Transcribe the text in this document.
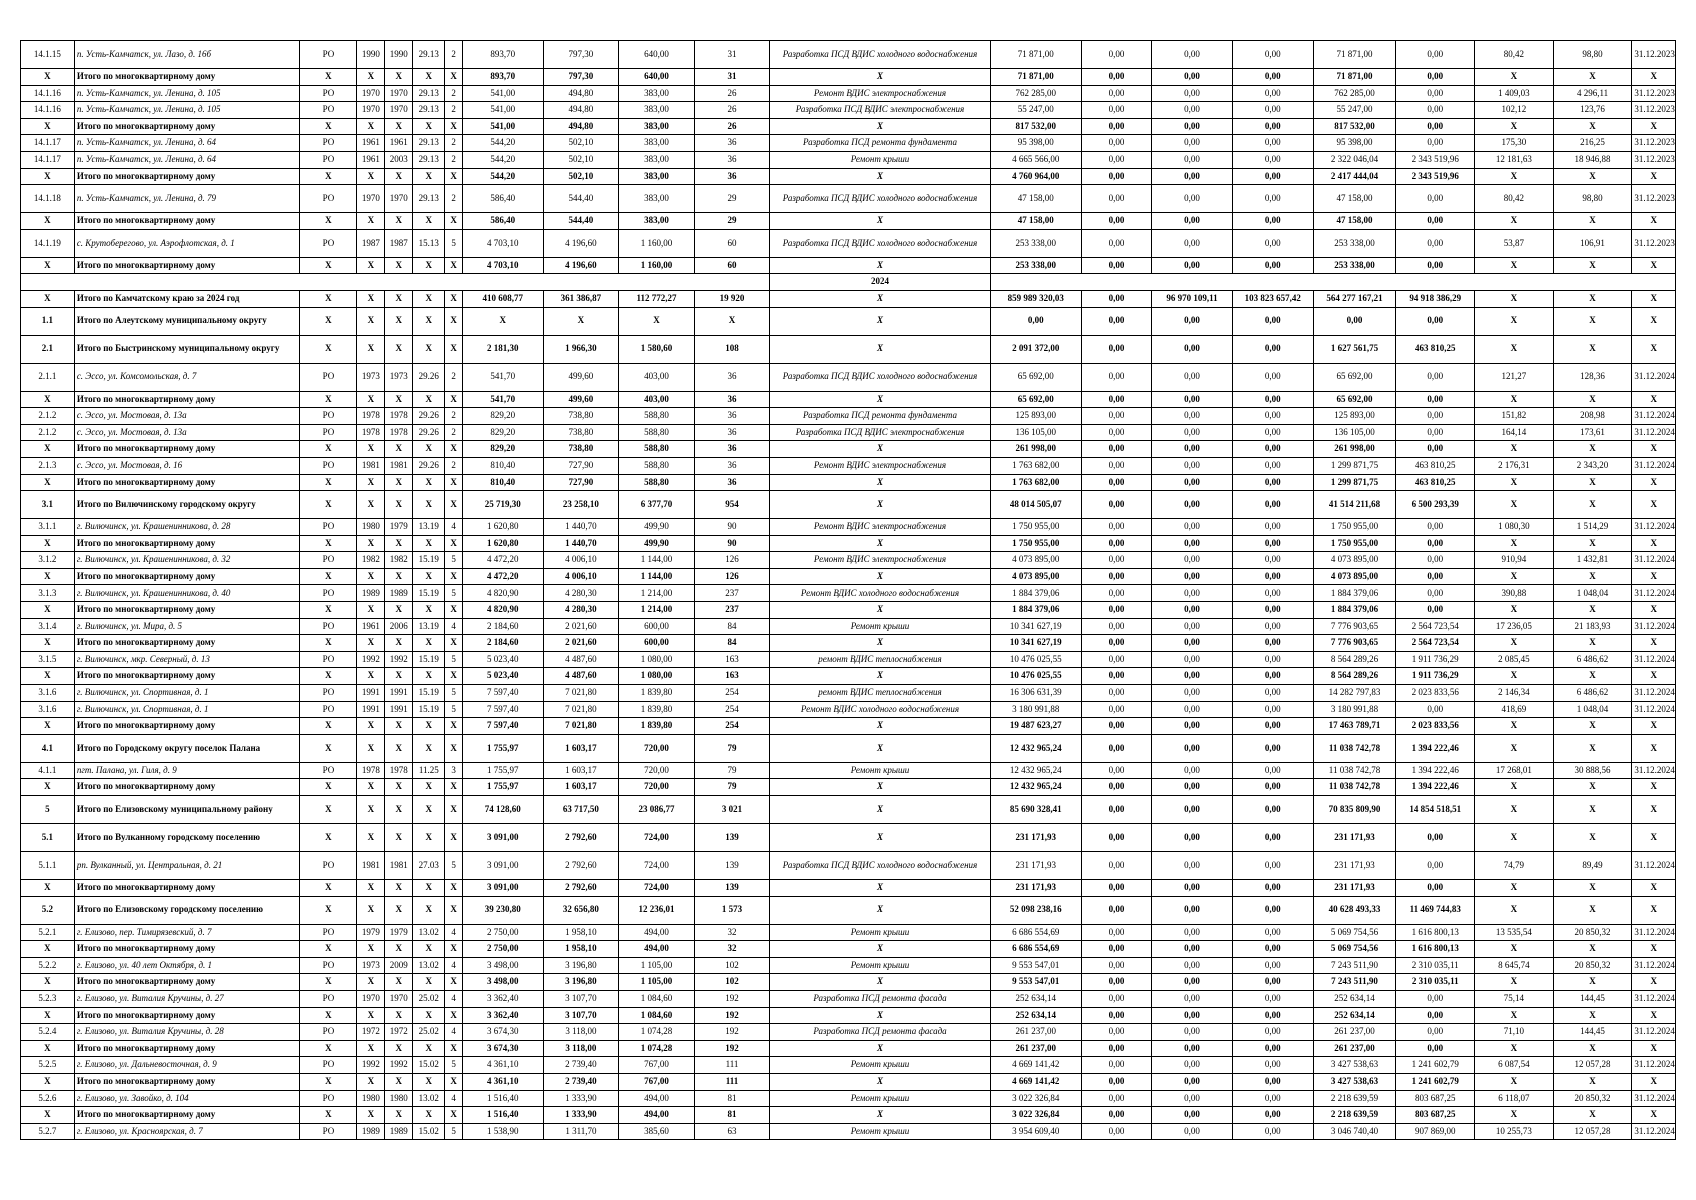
14.1.15	п. Усть-Камчатск, ул. Лазо, д. 16б	РО	1990	1990	29.13	2	893,70	797,30	640,00	31	Разработка ПСД ВДИС холодного водоснабжения	71 871,00	0,00	0,00	0,00	71 871,00	0,00	80,42	98,80	31.12.2023
Х	Итого по многоквартирному дому	Х	Х	Х	Х	Х	893,70	797,30	640,00	31	Х	71 871,00	0,00	0,00	0,00	71 871,00	0,00	Х	Х	Х
14.1.16	п. Усть-Камчатск, ул. Ленина, д. 105	РО	1970	1970	29.13	2	541,00	494,80	383,00	26	Ремонт ВДИС электроснабжения	762 285,00	0,00	0,00	0,00	762 285,00	0,00	1 409,03	4 296,11	31.12.2023
14.1.16	п. Усть-Камчатск, ул. Ленина, д. 105	РО	1970	1970	29.13	2	541,00	494,80	383,00	26	Разработка ПСД ВДИС электроснабжения	55 247,00	0,00	0,00	0,00	55 247,00	0,00	102,12	123,76	31.12.2023
Х	Итого по многоквартирному дому	Х	Х	Х	Х	Х	541,00	494,80	383,00	26	Х	817 532,00	0,00	0,00	0,00	817 532,00	0,00	Х	Х	Х
14.1.17	п. Усть-Камчатск, ул. Ленина, д. 64	РО	1961	1961	29.13	2	544,20	502,10	383,00	36	Разработка ПСД ремонта фундамента	95 398,00	0,00	0,00	0,00	95 398,00	0,00	175,30	216,25	31.12.2023
14.1.17	п. Усть-Камчатск, ул. Ленина, д. 64	РО	1961	2003	29.13	2	544,20	502,10	383,00	36	Ремонт крыши	4 665 566,00	0,00	0,00	0,00	2 322 046,04	2 343 519,96	12 181,63	18 946,88	31.12.2023
Х	Итого по многоквартирному дому	Х	Х	Х	Х	Х	544,20	502,10	383,00	36	Х	4 760 964,00	0,00	0,00	0,00	2 417 444,04	2 343 519,96	Х	Х	Х
14.1.18	п. Усть-Камчатск, ул. Ленина, д. 79	РО	1970	1970	29.13	2	586,40	544,40	383,00	29	Разработка ПСД ВДИС холодного водоснабжения	47 158,00	0,00	0,00	0,00	47 158,00	0,00	80,42	98,80	31.12.2023
Х	Итого по многоквартирному дому	Х	Х	Х	Х	Х	586,40	544,40	383,00	29	Х	47 158,00	0,00	0,00	0,00	47 158,00	0,00	Х	Х	Х
14.1.19	с. Крутоберегово, ул. Аэрофлотская, д. 1	РО	1987	1987	15.13	5	4 703,10	4 196,60	1 160,00	60	Разработка ПСД ВДИС холодного водоснабжения	253 338,00	0,00	0,00	0,00	253 338,00	0,00	53,87	106,91	31.12.2023
Х	Итого по многоквартирному дому	Х	Х	Х	Х	Х	4 703,10	4 196,60	1 160,00	60	Х	253 338,00	0,00	0,00	0,00	253 338,00	0,00	Х	Х	Х
											2024									
Х	Итого по Камчатскому краю за 2024 год	Х	Х	Х	Х	Х	410 608,77	361 386,87	112 772,27	19 920	Х	859 989 320,03	0,00	96 970 109,11	103 823 657,42	564 277 167,21	94 918 386,29	Х	Х	Х
1.1	Итого по Алеутскому муниципальному округу	Х	Х	Х	Х	Х	Х	Х	Х	Х	Х	0,00	0,00	0,00	0,00	0,00	0,00	Х	Х	Х
2.1	Итого по Быстринскому муниципальному округу	Х	Х	Х	Х	Х	2 181,30	1 966,30	1 580,60	108	Х	2 091 372,00	0,00	0,00	0,00	1 627 561,75	463 810,25	Х	Х	Х
2.1.1	с. Эссо, ул. Комсомольская, д. 7	РО	1973	1973	29.26	2	541,70	499,60	403,00	36	Разработка ПСД ВДИС холодного водоснабжения	65 692,00	0,00	0,00	0,00	65 692,00	0,00	121,27	128,36	31.12.2024
Х	Итого по многоквартирному дому	Х	Х	Х	Х	Х	541,70	499,60	403,00	36	Х	65 692,00	0,00	0,00	0,00	65 692,00	0,00	Х	Х	Х
2.1.2	с. Эссо, ул. Мостовая, д. 13а	РО	1978	1978	29.26	2	829,20	738,80	588,80	36	Разработка ПСД ремонта фундамента	125 893,00	0,00	0,00	0,00	125 893,00	0,00	151,82	208,98	31.12.2024
2.1.2	с. Эссо, ул. Мостовая, д. 13а	РО	1978	1978	29.26	2	829,20	738,80	588,80	36	Разработка ПСД ВДИС электроснабжения	136 105,00	0,00	0,00	0,00	136 105,00	0,00	164,14	173,61	31.12.2024
Х	Итого по многоквартирному дому	Х	Х	Х	Х	Х	829,20	738,80	588,80	36	Х	261 998,00	0,00	0,00	0,00	261 998,00	0,00	Х	Х	Х
2.1.3	с. Эссо, ул. Мостовая, д. 16	РО	1981	1981	29.26	2	810,40	727,90	588,80	36	Ремонт ВДИС электроснабжения	1 763 682,00	0,00	0,00	0,00	1 299 871,75	463 810,25	2 176,31	2 343,20	31.12.2024
Х	Итого по многоквартирному дому	Х	Х	Х	Х	Х	810,40	727,90	588,80	36	Х	1 763 682,00	0,00	0,00	0,00	1 299 871,75	463 810,25	Х	Х	Х
3.1	Итого по Вилючинскому городскому округу	Х	Х	Х	Х	Х	25 719,30	23 258,10	6 377,70	954	Х	48 014 505,07	0,00	0,00	0,00	41 514 211,68	6 500 293,39	Х	Х	Х
3.1.1	г. Вилючинск, ул. Крашенинникова, д. 28	РО	1980	1979	13.19	4	1 620,80	1 440,70	499,90	90	Ремонт ВДИС электроснабжения	1 750 955,00	0,00	0,00	0,00	1 750 955,00	0,00	1 080,30	1 514,29	31.12.2024
Х	Итого по многоквартирному дому	Х	Х	Х	Х	Х	1 620,80	1 440,70	499,90	90	Х	1 750 955,00	0,00	0,00	0,00	1 750 955,00	0,00	Х	Х	Х
3.1.2	г. Вилючинск, ул. Крашенинникова, д. 32	РО	1982	1982	15.19	5	4 472,20	4 006,10	1 144,00	126	Ремонт ВДИС электроснабжения	4 073 895,00	0,00	0,00	0,00	4 073 895,00	0,00	910,94	1 432,81	31.12.2024
Х	Итого по многоквартирному дому	Х	Х	Х	Х	Х	4 472,20	4 006,10	1 144,00	126	Х	4 073 895,00	0,00	0,00	0,00	4 073 895,00	0,00	Х	Х	Х
3.1.3	г. Вилючинск, ул. Крашенинникова, д. 40	РО	1989	1989	15.19	5	4 820,90	4 280,30	1 214,00	237	Ремонт ВДИС холодного водоснабжения	1 884 379,06	0,00	0,00	0,00	1 884 379,06	0,00	390,88	1 048,04	31.12.2024
Х	Итого по многоквартирному дому	Х	Х	Х	Х	Х	4 820,90	4 280,30	1 214,00	237	Х	1 884 379,06	0,00	0,00	0,00	1 884 379,06	0,00	Х	Х	Х
3.1.4	г. Вилючинск, ул. Мира, д. 5	РО	1961	2006	13.19	4	2 184,60	2 021,60	600,00	84	Ремонт крыши	10 341 627,19	0,00	0,00	0,00	7 776 903,65	2 564 723,54	17 236,05	21 183,93	31.12.2024
Х	Итого по многоквартирному дому	Х	Х	Х	Х	Х	2 184,60	2 021,60	600,00	84	Х	10 341 627,19	0,00	0,00	0,00	7 776 903,65	2 564 723,54	Х	Х	Х
3.1.5	г. Вилючинск, мкр. Северный, д. 13	РО	1992	1992	15.19	5	5 023,40	4 487,60	1 080,00	163	ремонт ВДИС теплоснабжения	10 476 025,55	0,00	0,00	0,00	8 564 289,26	1 911 736,29	2 085,45	6 486,62	31.12.2024
Х	Итого по многоквартирному дому	Х	Х	Х	Х	Х	5 023,40	4 487,60	1 080,00	163	Х	10 476 025,55	0,00	0,00	0,00	8 564 289,26	1 911 736,29	Х	Х	Х
3.1.6	г. Вилючинск, ул. Спортивная, д. 1	РО	1991	1991	15.19	5	7 597,40	7 021,80	1 839,80	254	ремонт ВДИС теплоснабжения	16 306 631,39	0,00	0,00	0,00	14 282 797,83	2 023 833,56	2 146,34	6 486,62	31.12.2024
3.1.6	г. Вилючинск, ул. Спортивная, д. 1	РО	1991	1991	15.19	5	7 597,40	7 021,80	1 839,80	254	Ремонт ВДИС холодного водоснабжения	3 180 991,88	0,00	0,00	0,00	3 180 991,88	0,00	418,69	1 048,04	31.12.2024
Х	Итого по многоквартирному дому	Х	Х	Х	Х	Х	7 597,40	7 021,80	1 839,80	254	Х	19 487 623,27	0,00	0,00	0,00	17 463 789,71	2 023 833,56	Х	Х	Х
4.1	Итого по Городскому округу поселок Палана	Х	Х	Х	Х	Х	1 755,97	1 603,17	720,00	79	Х	12 432 965,24	0,00	0,00	0,00	11 038 742,78	1 394 222,46	Х	Х	Х
4.1.1	пгт. Палана, ул. Гиля, д. 9	РО	1978	1978	11.25	3	1 755,97	1 603,17	720,00	79	Ремонт крыши	12 432 965,24	0,00	0,00	0,00	11 038 742,78	1 394 222,46	17 268,01	30 888,56	31.12.2024
Х	Итого по многоквартирному дому	Х	Х	Х	Х	Х	1 755,97	1 603,17	720,00	79	Х	12 432 965,24	0,00	0,00	0,00	11 038 742,78	1 394 222,46	Х	Х	Х
5	Итого по Елизовскому муниципальному району	Х	Х	Х	Х	Х	74 128,60	63 717,50	23 086,77	3 021	Х	85 690 328,41	0,00	0,00	0,00	70 835 809,90	14 854 518,51	Х	Х	Х
5.1	Итого по Вулканному городскому поселению	Х	Х	Х	Х	Х	3 091,00	2 792,60	724,00	139	Х	231 171,93	0,00	0,00	0,00	231 171,93	0,00	Х	Х	Х
5.1.1	рп. Вулканный, ул. Центральная, д. 21	РО	1981	1981	27.03	5	3 091,00	2 792,60	724,00	139	Разработка ПСД ВДИС холодного водоснабжения	231 171,93	0,00	0,00	0,00	231 171,93	0,00	74,79	89,49	31.12.2024
Х	Итого по многоквартирному дому	Х	Х	Х	Х	Х	3 091,00	2 792,60	724,00	139	Х	231 171,93	0,00	0,00	0,00	231 171,93	0,00	Х	Х	Х
5.2	Итого по Елизовскому городскому поселению	Х	Х	Х	Х	Х	39 230,80	32 656,80	12 236,01	1 573	Х	52 098 238,16	0,00	0,00	0,00	40 628 493,33	11 469 744,83	Х	Х	Х
5.2.1	г. Елизово, пер. Тимирязевский, д. 7	РО	1979	1979	13.02	4	2 750,00	1 958,10	494,00	32	Ремонт крыши	6 686 554,69	0,00	0,00	0,00	5 069 754,56	1 616 800,13	13 535,54	20 850,32	31.12.2024
Х	Итого по многоквартирному дому	Х	Х	Х	Х	Х	2 750,00	1 958,10	494,00	32	Х	6 686 554,69	0,00	0,00	0,00	5 069 754,56	1 616 800,13	Х	Х	Х
5.2.2	г. Елизово, ул. 40 лет Октября, д. 1	РО	1973	2009	13.02	4	3 498,00	3 196,80	1 105,00	102	Ремонт крыши	9 553 547,01	0,00	0,00	0,00	7 243 511,90	2 310 035,11	8 645,74	20 850,32	31.12.2024
Х	Итого по многоквартирному дому	Х	Х	Х	Х	Х	3 498,00	3 196,80	1 105,00	102	Х	9 553 547,01	0,00	0,00	0,00	7 243 511,90	2 310 035,11	Х	Х	Х
5.2.3	г. Елизово, ул. Виталия Кручины, д. 27	РО	1970	1970	25.02	4	3 362,40	3 107,70	1 084,60	192	Разработка ПСД ремонта фасада	252 634,14	0,00	0,00	0,00	252 634,14	0,00	75,14	144,45	31.12.2024
Х	Итого по многоквартирному дому	Х	Х	Х	Х	Х	3 362,40	3 107,70	1 084,60	192	Х	252 634,14	0,00	0,00	0,00	252 634,14	0,00	Х	Х	Х
5.2.4	г. Елизово, ул. Виталия Кручины, д. 28	РО	1972	1972	25.02	4	3 674,30	3 118,00	1 074,28	192	Разработка ПСД ремонта фасада	261 237,00	0,00	0,00	0,00	261 237,00	0,00	71,10	144,45	31.12.2024
Х	Итого по многоквартирному дому	Х	Х	Х	Х	Х	3 674,30	3 118,00	1 074,28	192	Х	261 237,00	0,00	0,00	0,00	261 237,00	0,00	Х	Х	Х
5.2.5	г. Елизово, ул. Дальневосточная, д. 9	РО	1992	1992	15.02	5	4 361,10	2 739,40	767,00	111	Ремонт крыши	4 669 141,42	0,00	0,00	0,00	3 427 538,63	1 241 602,79	6 087,54	12 057,28	31.12.2024
Х	Итого по многоквартирному дому	Х	Х	Х	Х	Х	4 361,10	2 739,40	767,00	111	Х	4 669 141,42	0,00	0,00	0,00	3 427 538,63	1 241 602,79	Х	Х	Х
5.2.6	г. Елизово, ул. Завойко, д. 104	РО	1980	1980	13.02	4	1 516,40	1 333,90	494,00	81	Ремонт крыши	3 022 326,84	0,00	0,00	0,00	2 218 639,59	803 687,25	6 118,07	20 850,32	31.12.2024
Х	Итого по многоквартирному дому	Х	Х	Х	Х	Х	1 516,40	1 333,90	494,00	81	Х	3 022 326,84	0,00	0,00	0,00	2 218 639,59	803 687,25	Х	Х	Х
5.2.7	г. Елизово, ул. Красноярская, д. 7	РО	1989	1989	15.02	5	1 538,90	1 311,70	385,60	63	Ремонт крыши	3 954 609,40	0,00	0,00	0,00	3 046 740,40	907 869,00	10 255,73	12 057,28	31.12.2024
